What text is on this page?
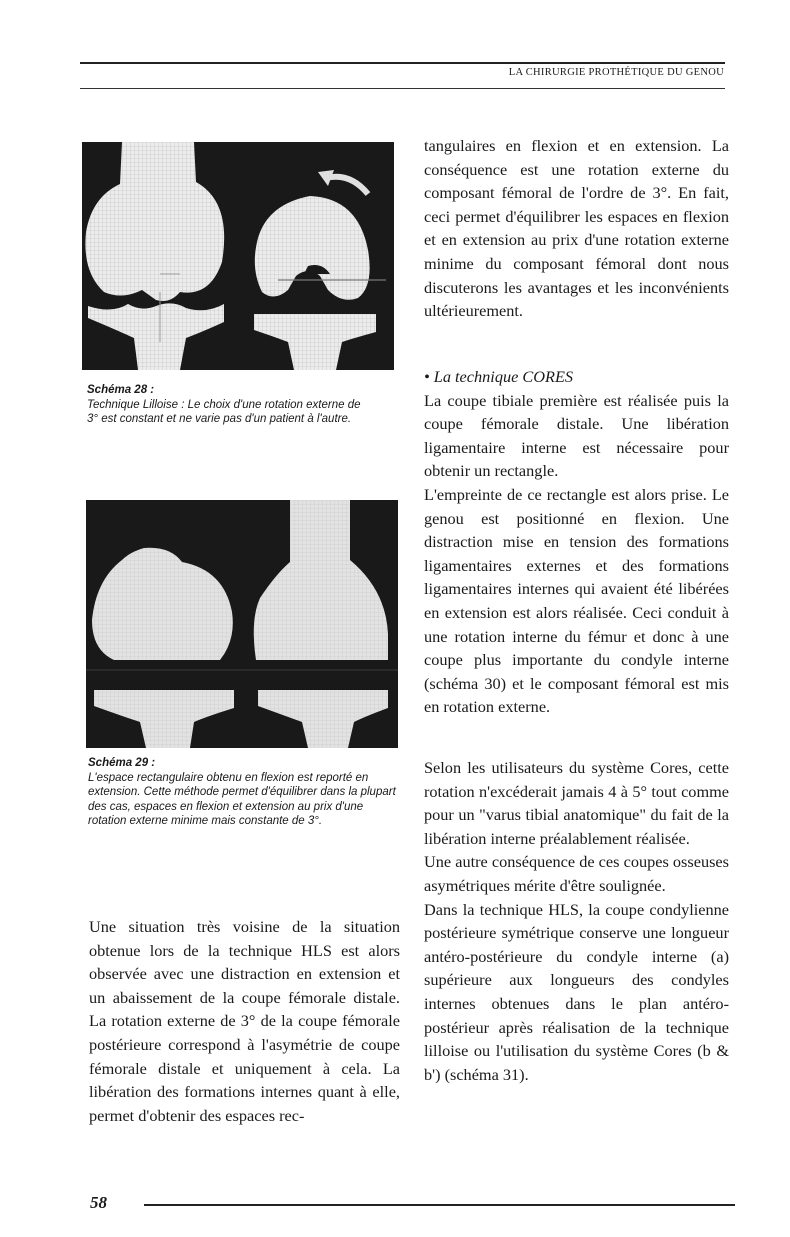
LA CHIRURGIE PROTHÉTIQUE DU GENOU
Schéma 28 :
Technique Lilloise : Le choix d'une rotation externe de 3° est constant et ne varie pas d'un patient à l'autre.
Schéma 29 :
L'espace rectangulaire obtenu en flexion est reporté en extension. Cette méthode permet d'équilibrer dans la plupart des cas, espaces en flexion et extension au prix d'une rotation externe minime mais constante de 3°.

Une situation très voisine de la situation obtenue lors de la technique HLS est alors observée avec une distraction en extension et un abaissement de la coupe fémorale distale. La rotation externe de 3° de la coupe fémorale postérieure correspond à l'asymétrie de coupe fémorale distale et uniquement à cela. La libération des formations internes quant à elle, permet d'obtenir des espaces rec-

tangulaires en flexion et en extension. La conséquence est une rotation externe du composant fémoral de l'ordre de 3°. En fait, ceci permet d'équilibrer les espaces en flexion et en extension au prix d'une rotation externe minime du composant fémoral dont nous discuterons les avantages et les inconvénients ultérieurement.

• La technique CORES

La coupe tibiale première est réalisée puis la coupe fémorale distale. Une libération ligamentaire interne est nécessaire pour obtenir un rectangle.

L'empreinte de ce rectangle est alors prise. Le genou est positionné en flexion. Une distraction mise en tension des formations ligamentaires externes et des formations ligamentaires internes qui avaient été libérées en extension est alors réalisée. Ceci conduit à une rotation interne du fémur et donc à une coupe plus importante du condyle interne (schéma 30) et le composant fémoral est mis en rotation externe.

Selon les utilisateurs du système Cores, cette rotation n'excéderait jamais 4 à 5° tout comme pour un "varus tibial anatomique" du fait de la libération interne préalablement réalisée.

Une autre conséquence de ces coupes osseuses asymétriques mérite d'être soulignée.

Dans la technique HLS, la coupe condylienne postérieure symétrique conserve une longueur antéro-postérieure du condyle interne (a) supérieure aux longueurs des condyles internes obtenues dans le plan antéro-postérieur après réalisation de la technique lilloise ou l'utilisation du système Cores (b & b') (schéma 31).

58
